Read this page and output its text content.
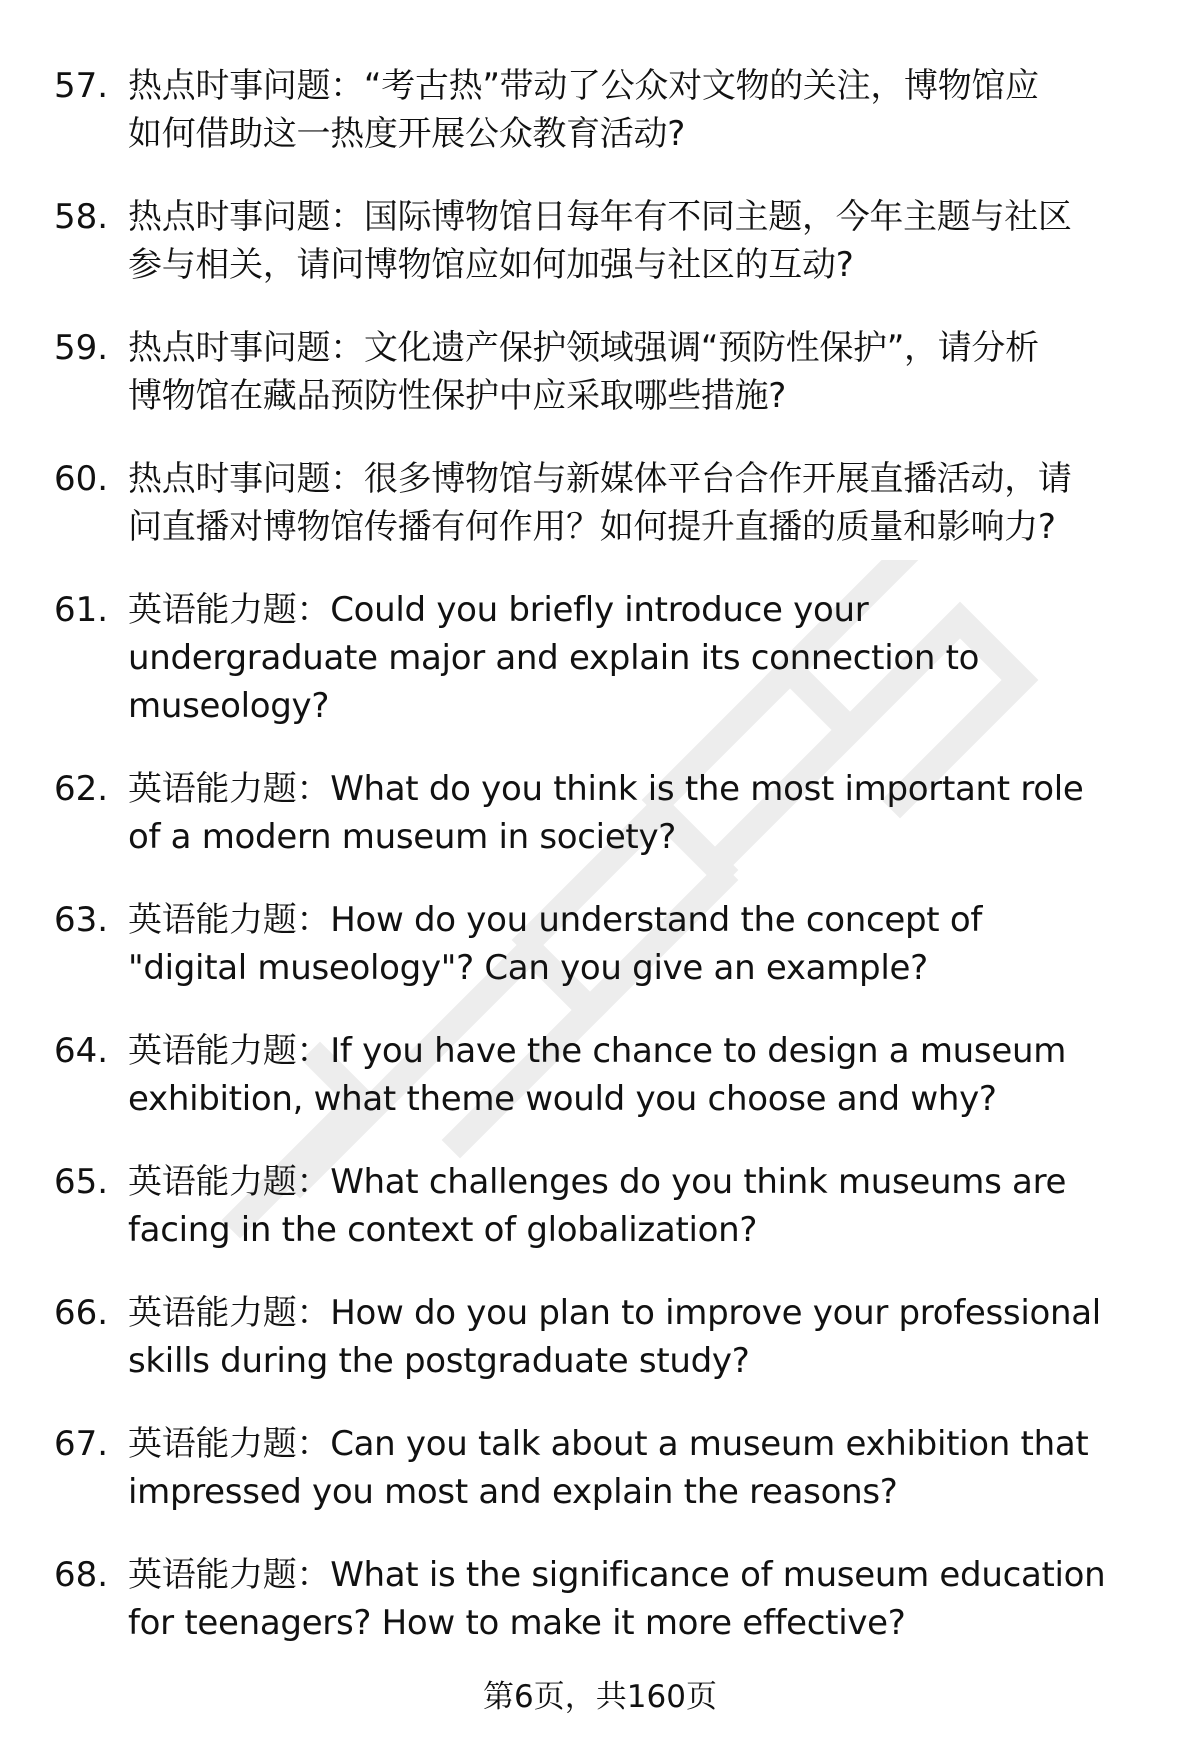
57. 热点时事问题：“考古热”带动了公众对文物的关注，博物馆应
如何借助这一热度开展公众教育活动?
58. 热点时事问题：国际博物馆日每年有不同主题，今年主题与社区
参与相关，请问博物馆应如何加强与社区的互动?
59. 热点时事问题：文化遗产保护领域强调“预防性保护”，请分析
博物馆在藏品预防性保护中应采取哪些措施?
60. 热点时事问题：很多博物馆与新媒体平台合作开展直播活动，请
问直播对博物馆传播有何作用？如何提升直播的质量和影响力?
61. 英语能力题：Could you briefly introduce your
undergraduate major and explain its connection to
museology?
62. 英语能力题：What do you think is the most important role
of a modern museum in society?
63. 英语能力题：How do you understand the concept of
"digital museology"? Can you give an example?
64. 英语能力题：If you have the chance to design a museum
exhibition, what theme would you choose and why?
65. 英语能力题：What challenges do you think museums are
facing in the context of globalization?
66. 英语能力题：How do you plan to improve your professional
skills during the postgraduate study?
67. 英语能力题：Can you talk about a museum exhibition that
impressed you most and explain the reasons?
68. 英语能力题：What is the significance of museum education
for teenagers? How to make it more effective?
第6页，共160页
